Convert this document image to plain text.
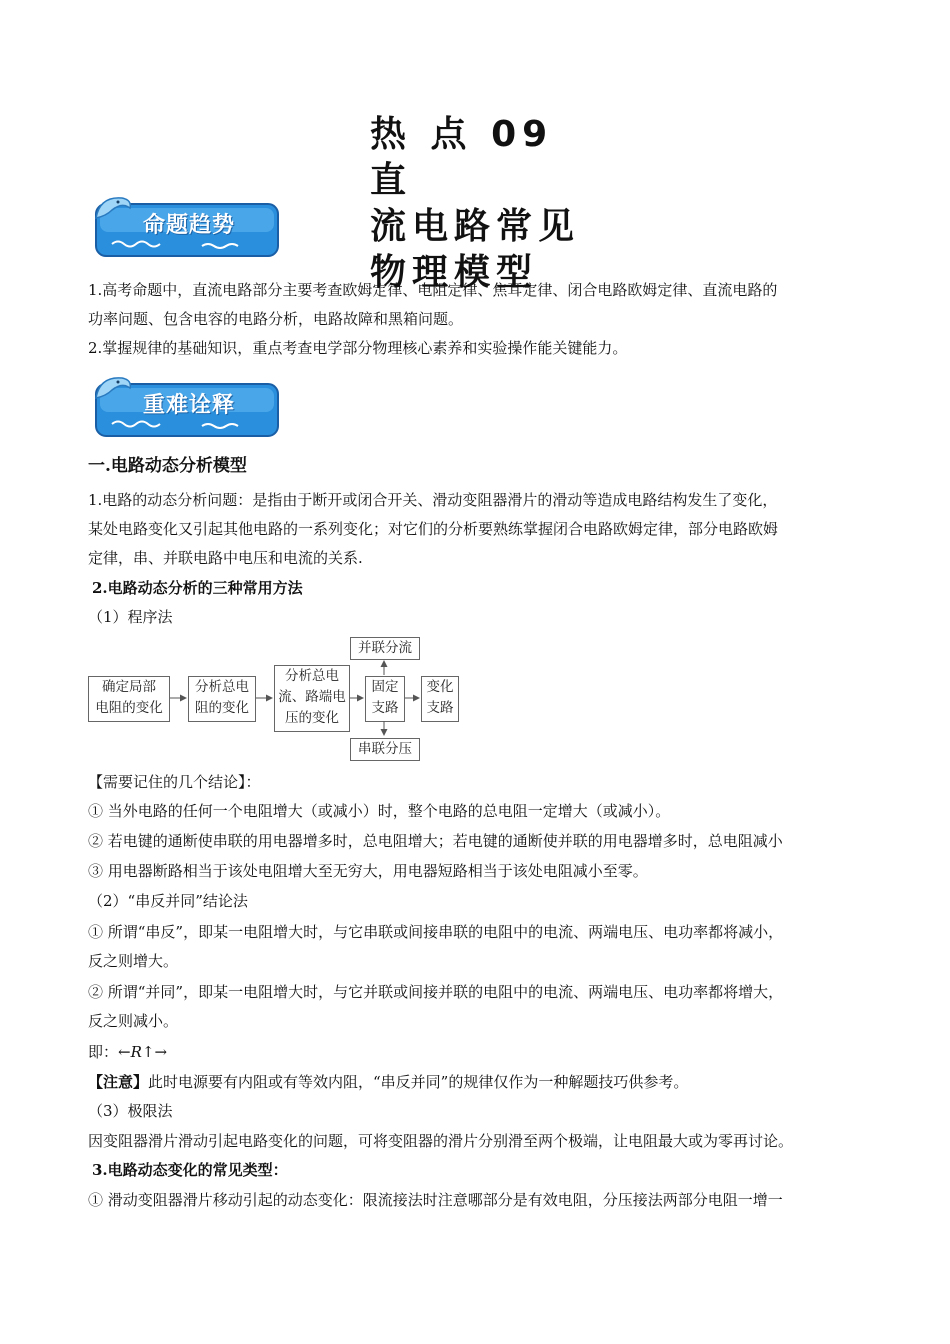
热 点 09 直
流电路常见
物理模型
命题趋势
1.高考命题中，直流电路部分主要考查欧姆定律、电阻定律、焦耳定律、闭合电路欧姆定律、直流电路的
功率问题、包含电容的电路分析，电路故障和黑箱问题。
2.掌握规律的基础知识，重点考查电学部分物理核心素养和实验操作能关键能力。
重难诠释
一.电路动态分析模型
1.电路的动态分析问题：是指由于断开或闭合开关、滑动变阻器滑片的滑动等造成电路结构发生了变化，
某处电路变化又引起其他电路的一系列变化；对它们的分析要熟练掌握闭合电路欧姆定律，部分电路欧姆
定律，串、并联电路中电压和电流的关系.
2.电路动态分析的三种常用方法
（1）程序法
确定局部
电阻的变化
分析总电
阻的变化
分析总电
流、路端电
压的变化
固定
支路
变化
支路
并联分流
串联分压
【需要记住的几个结论】：
① 当外电路的任何一个电阻增大（或减小）时，整个电路的总电阻一定增大（或减小）。
② 若电键的通断使串联的用电器增多时，总电阻增大；若电键的通断使并联的用电器增多时，总电阻减小
③ 用电器断路相当于该处电阻增大至无穷大，用电器短路相当于该处电阻减小至零。
（2）“串反并同”结论法
① 所谓“串反”，即某一电阻增大时，与它串联或间接串联的电阻中的电流、两端电压、电功率都将减小，
反之则增大。
② 所谓“并同”，即某一电阻增大时，与它并联或间接并联的电阻中的电流、两端电压、电功率都将增大，
反之则减小。
即：←R↑→
【注意】此时电源要有内阻或有等效内阻，“串反并同”的规律仅作为一种解题技巧供参考。
（3）极限法
因变阻器滑片滑动引起电路变化的问题，可将变阻器的滑片分别滑至两个极端，让电阻最大或为零再讨论。
3.电路动态变化的常见类型：
① 滑动变阻器滑片移动引起的动态变化：限流接法时注意哪部分是有效电阻，分压接法两部分电阻一增一
